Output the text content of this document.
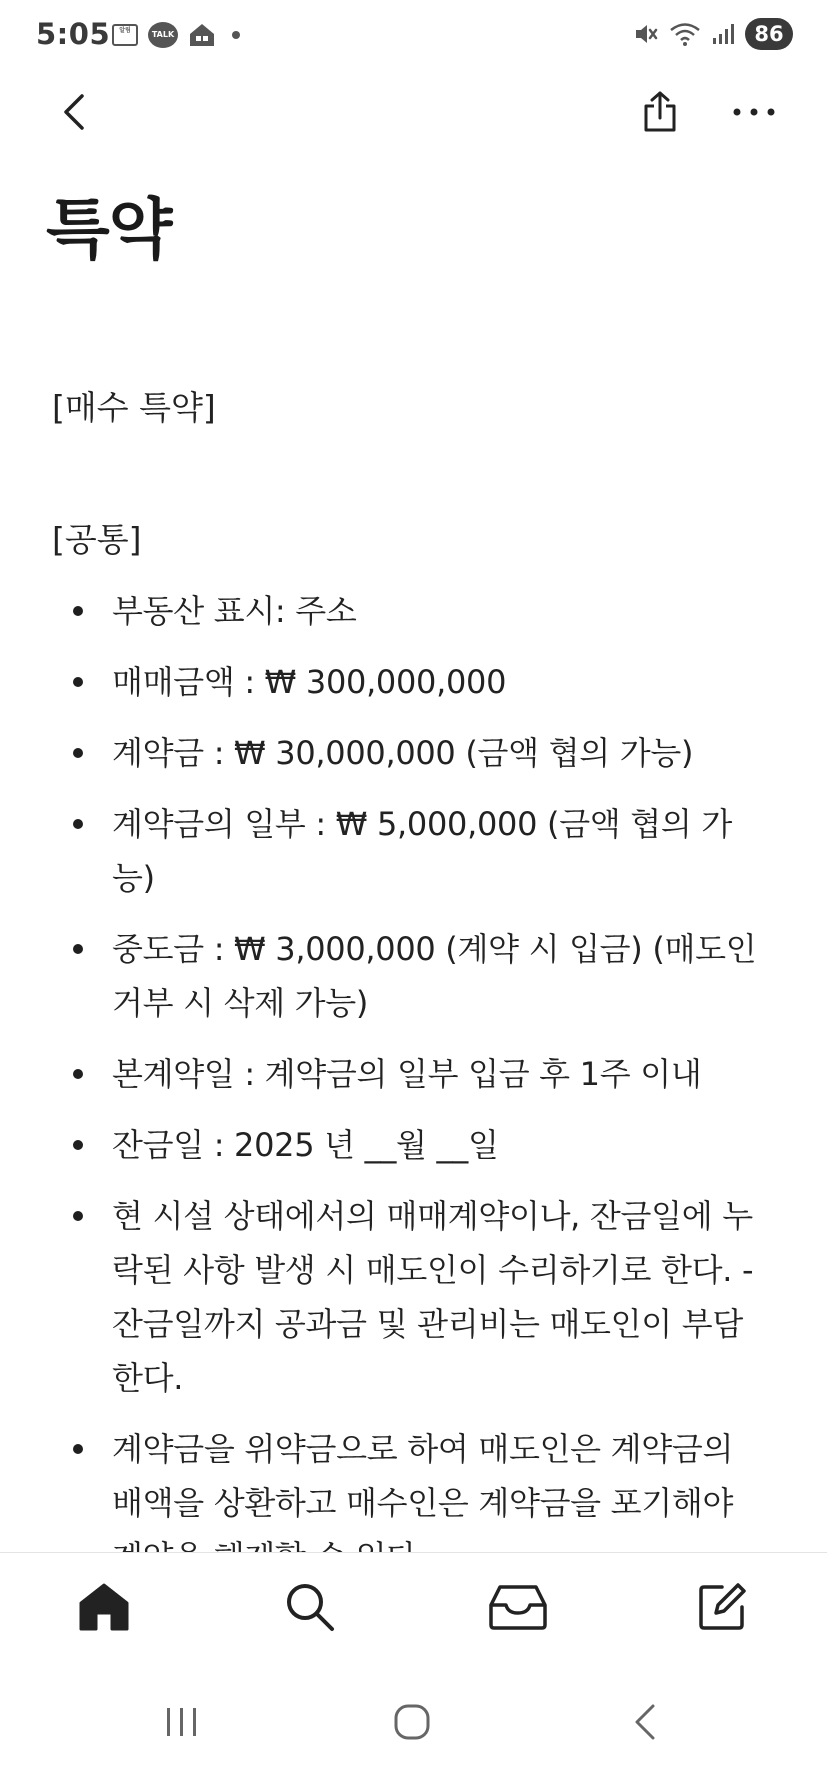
5:05	알림	TALK	86
특약
[매수 특약]
[공통]
부동산 표시: 주소
매매금액 : ₩ 300,000,000
계약금 : ₩ 30,000,000 (금액 협의 가능)
계약금의 일부 : ₩ 5,000,000 (금액 협의 가능)
중도금 : ₩ 3,000,000 (계약 시 입금) (매도인 거부 시 삭제 가능)
본계약일 : 계약금의 일부 입금 후 1주 이내
잔금일 : 2025 년 __월 __일
현 시설 상태에서의 매매계약이나, 잔금일에 누락된 사항 발생 시 매도인이 수리하기로 한다. - 잔금일까지 공과금 및 관리비는 매도인이 부담한다.
계약금을 위약금으로 하여 매도인은 계약금의 배액을 상환하고 매수인은 계약금을 포기해야
